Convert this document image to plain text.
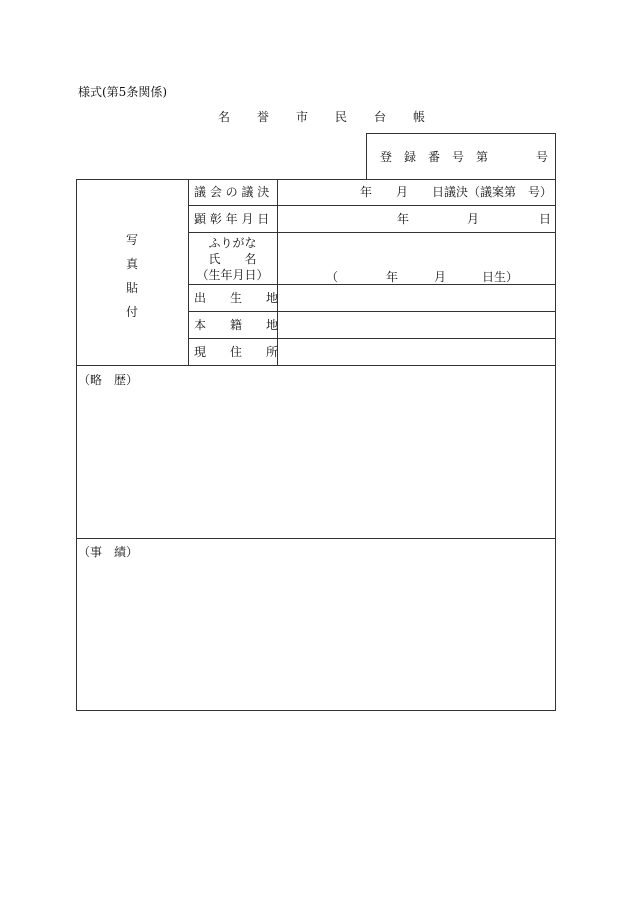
様式(第5条関係)
名　　誉　　市　　民　　台　　帳
登　録　番　号　第　　　　号
写
真
貼
付
議 会 の 議 決	年　　月　　日議決（議案第　号）
顕 彰 年 月 日	年	月	日
ふりがな
氏　　名
（生年月日）	（　　　　年　　　月　　　日生）
出　　生　　地
本　　籍　　地
現　　住　　所
（略　歴）
（事　績）
